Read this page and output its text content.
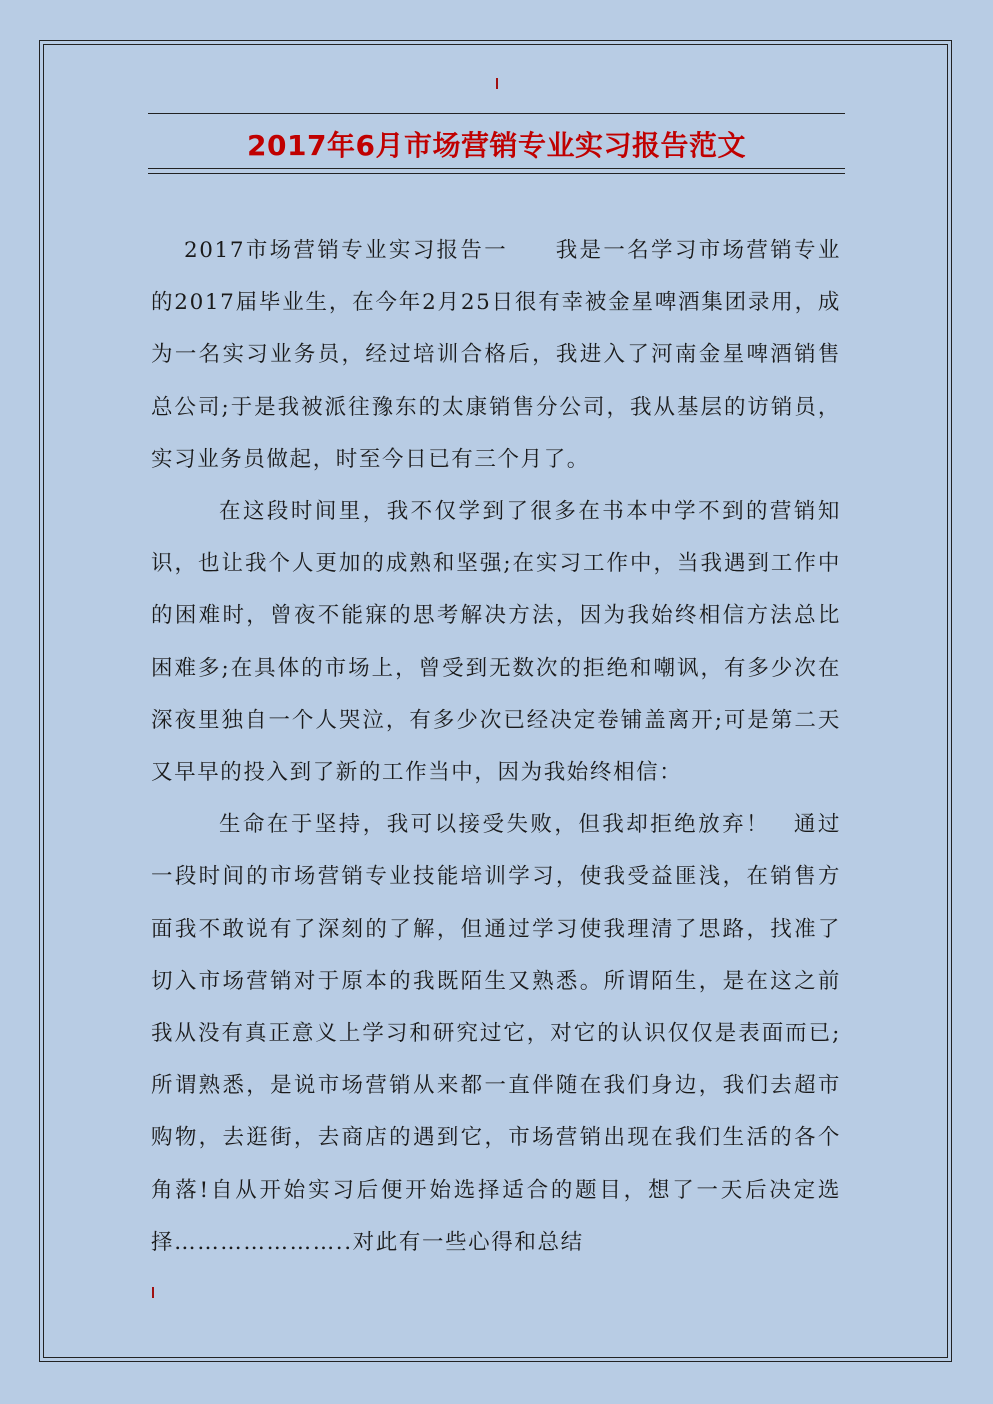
2017年6月市场营销专业实习报告范文

2017市场营销专业实习报告一　　我是一名学习市场营销专业的2017届毕业生，在今年2月25日很有幸被金星啤酒集团录用，成为一名实习业务员，经过培训合格后，我进入了河南金星啤酒销售总公司;于是我被派往豫东的太康销售分公司，我从基层的访销员，实习业务员做起，时至今日已有三个月了。

在这段时间里，我不仅学到了很多在书本中学不到的营销知识，也让我个人更加的成熟和坚强;在实习工作中，当我遇到工作中的困难时，曾夜不能寐的思考解决方法，因为我始终相信方法总比困难多;在具体的市场上，曾受到无数次的拒绝和嘲讽，有多少次在深夜里独自一个人哭泣，有多少次已经决定卷铺盖离开;可是第二天又早早的投入到了新的工作当中，因为我始终相信：

生命在于坚持，我可以接受失败，但我却拒绝放弃！　通过一段时间的市场营销专业技能培训学习，使我受益匪浅，在销售方面我不敢说有了深刻的了解，但通过学习使我理清了思路，找准了切入市场营销对于原本的我既陌生又熟悉。所谓陌生，是在这之前我从没有真正意义上学习和研究过它，对它的认识仅仅是表面而已;所谓熟悉，是说市场营销从来都一直伴随在我们身边，我们去超市购物，去逛街，去商店的遇到它，市场营销出现在我们生活的各个角落!自从开始实习后便开始选择适合的题目，想了一天后决定选择…………………..对此有一些心得和总结
